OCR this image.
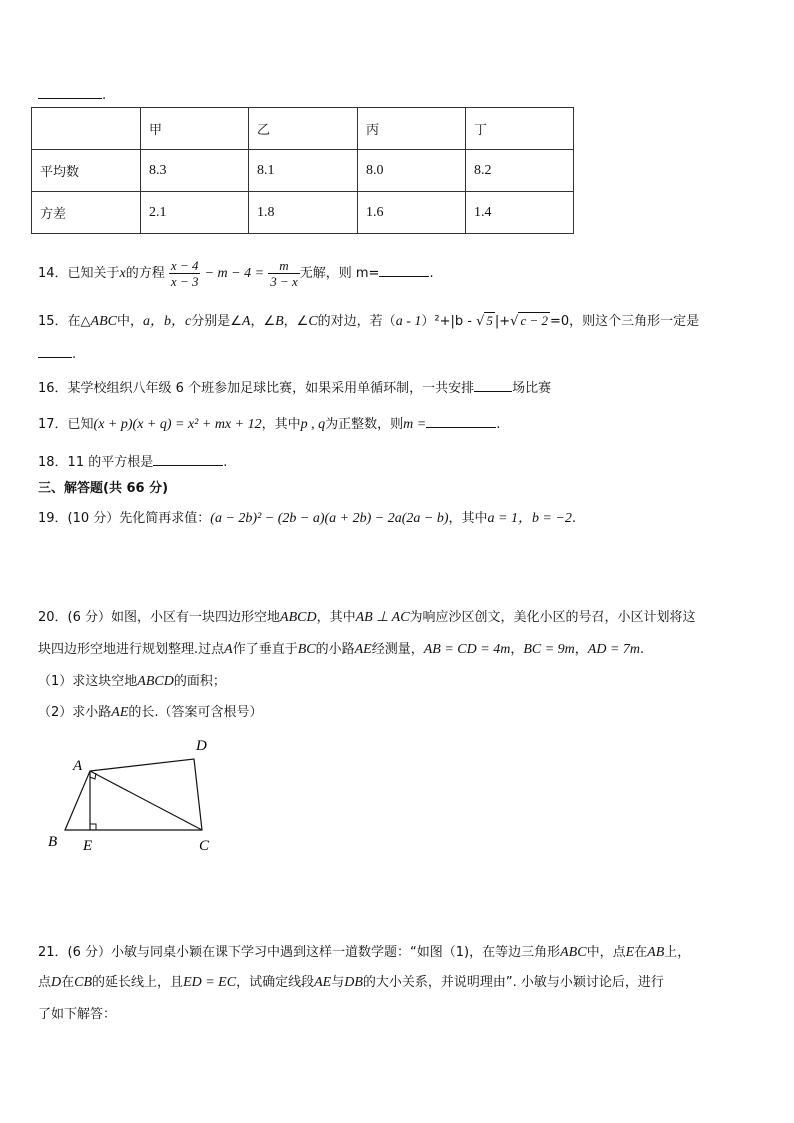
.
	甲	乙	丙	丁
平均数	8.3	8.1	8.0	8.2
方差	2.1	1.8	1.6	1.4
14．已知关于x的方程 $\frac{x - 4}{x - 3} - m - 4 = \frac{m}{3 - x}$ 无解，则 m=	.
15．在△ABC中，a，b，c分别是∠A，∠B，∠C的对边，若（a - 1）²+|b - √ 5 |+√ c − 2 =0，则这个三角形一定是
.
16．某学校组织八年级 6 个班参加足球比赛，如果采用单循环制，一共安排	场比赛
17．已知(x + p)(x + q) = x² + mx + 12，其中p , q为正整数，则m =	.
18．11 的平方根是	.
三、解答题(共 66 分)
19．(10 分）先化简再求值：(a − 2b)² − (2b − a)(a + 2b) − 2a(2a − b)，其中a = 1，b = −2.
20．(6 分）如图，小区有一块四边形空地ABCD，其中AB ⊥ AC为响应沙区创文，美化小区的号召，小区计划将这
块四边形空地进行规划整理.过点A作了垂直于BC的小路AE经测量，AB = CD = 4m，BC = 9m，AD = 7m.
（1）求这块空地ABCD的面积；
（2）求小路AE的长.（答案可含根号）
A
D
B E	C
21．(6 分）小敏与同桌小颖在课下学习中遇到这样一道数学题：“如图（1)，在等边三角形ABC中，点E在AB上，
点D在CB的延长线上，且ED = EC，试确定线段AE与DB的大小关系，并说明理由”. 小敏与小颖讨论后，进行
了如下解答：
